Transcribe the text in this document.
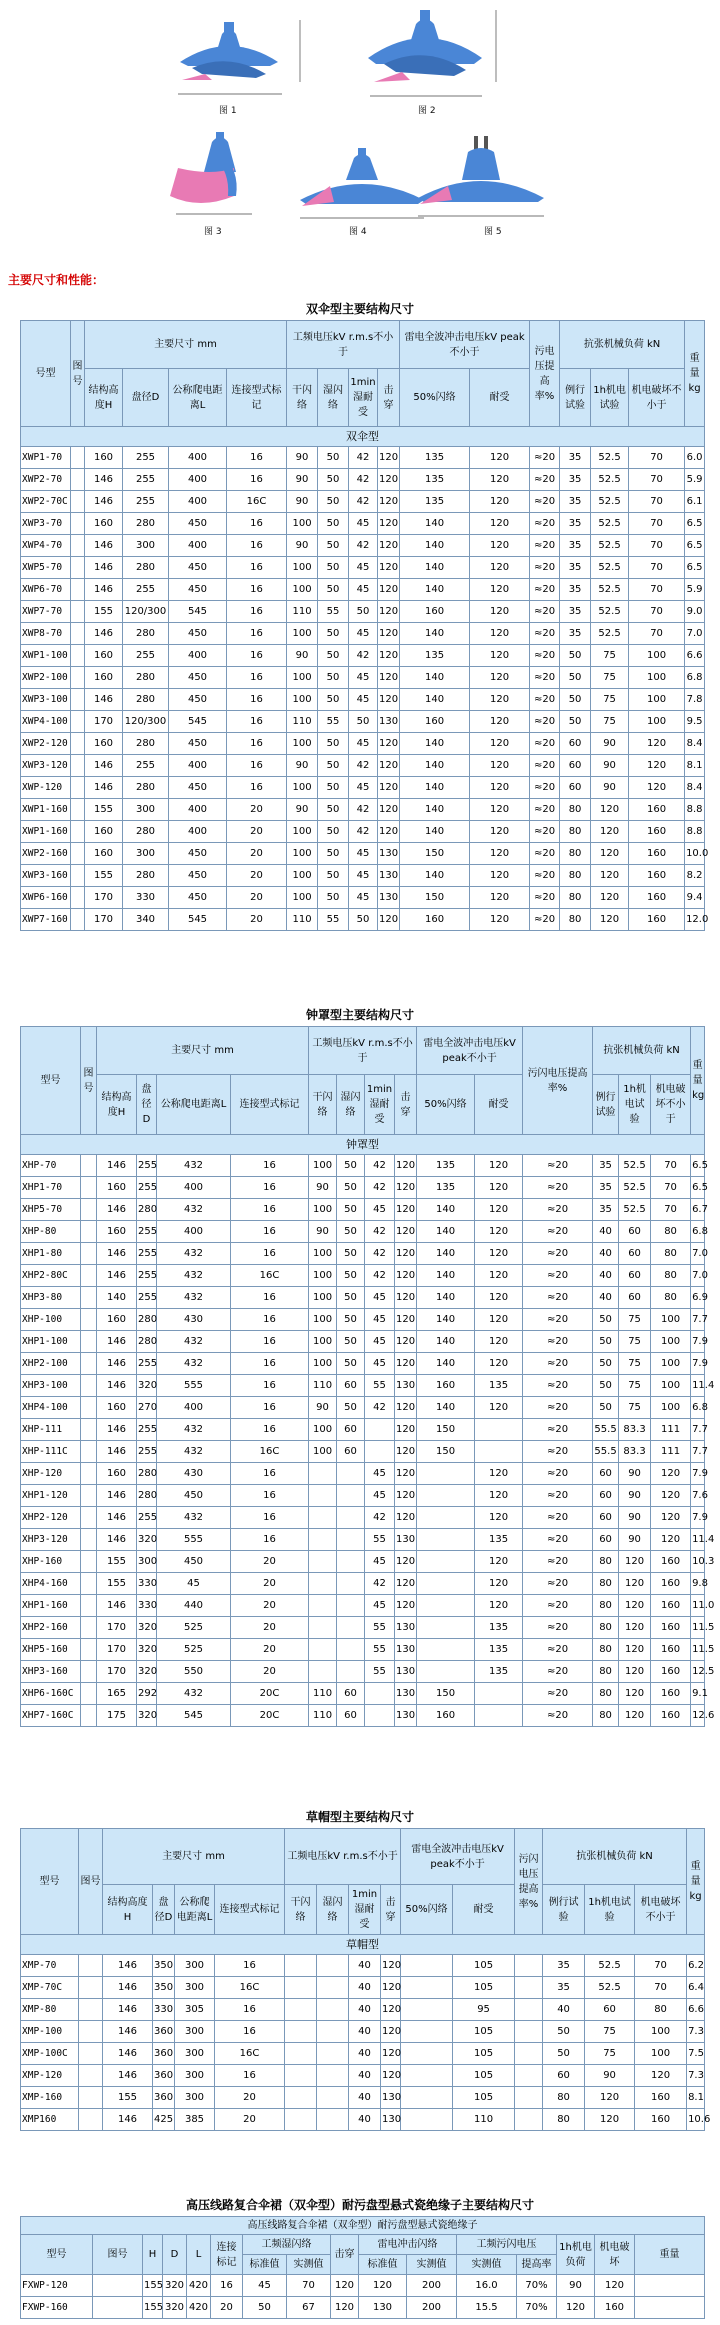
图 1	图 2
图 3	图 4	图 5
主要尺寸和性能：
双伞型主要结构尺寸
号型	图号	主要尺寸 mm				工频电压kV r.m.s不小于				雷电全波冲击电压kV peak不小于		污电压提高率%	抗张机械负荷 kN			重量kg
		结构高度H	盘径D	公称爬电距离L	连接型式标记	干闪络	湿闪络	1min湿耐受	击穿	50%闪络	耐受		例行试验	1h机电试验	机电破坏不小于	

双伞型																
XWP1-70		160	255	400	16	90	50	42	120	135	120	≈20	35	52.5	70	6.0
XWP2-70		146	255	400	16	90	50	42	120	135	120	≈20	35	52.5	70	5.9
XWP2-70C		146	255	400	16C	90	50	42	120	135	120	≈20	35	52.5	70	6.1
XWP3-70		160	280	450	16	100	50	45	120	140	120	≈20	35	52.5	70	6.5
XWP4-70		146	300	400	16	90	50	42	120	140	120	≈20	35	52.5	70	6.5
XWP5-70		146	280	450	16	100	50	45	120	140	120	≈20	35	52.5	70	6.5
XWP6-70		146	255	450	16	100	50	45	120	140	120	≈20	35	52.5	70	5.9
XWP7-70		155	120/300	545	16	110	55	50	120	160	120	≈20	35	52.5	70	9.0
XWP8-70		146	280	450	16	100	50	45	120	140	120	≈20	35	52.5	70	7.0
XWP1-100		160	255	400	16	90	50	42	120	135	120	≈20	50	75	100	6.6
XWP2-100		160	280	450	16	100	50	45	120	140	120	≈20	50	75	100	6.8
XWP3-100		146	280	450	16	100	50	45	120	140	120	≈20	50	75	100	7.8
XWP4-100		170	120/300	545	16	110	55	50	130	160	120	≈20	50	75	100	9.5
XWP2-120		160	280	450	16	100	50	45	120	140	120	≈20	60	90	120	8.4
XWP3-120		146	255	400	16	90	50	42	120	140	120	≈20	60	90	120	8.1
XWP-120		146	280	450	16	100	50	45	120	140	120	≈20	60	90	120	8.4
XWP1-160		155	300	400	20	90	50	42	120	140	120	≈20	80	120	160	8.8
XWP1-160		160	280	400	20	100	50	42	120	140	120	≈20	80	120	160	8.8
XWP2-160		160	300	450	20	100	50	45	130	150	120	≈20	80	120	160	10.0
XWP3-160		155	280	450	20	100	50	45	130	140	120	≈20	80	120	160	8.2
XWP6-160		170	330	450	20	100	50	45	130	150	120	≈20	80	120	160	9.4
XWP7-160		170	340	545	20	110	55	50	120	160	120	≈20	80	120	160	12.0
钟罩型主要结构尺寸
型号	图号	主要尺寸 mm				工频电压kV r.m.s不小于				雷电全波冲击电压kV peak不小于		污闪电压提高率%	抗张机械负荷 kN			重量kg
		结构高度H	盘径D	公称爬电距离L	连接型式标记	干闪络	湿闪络	1min湿耐受	击穿	50%闪络	耐受		例行试验	1h机电试验	机电破坏不小于	

钟罩型																
XHP-70		146	255	432	16	100	50	42	120	135	120	≈20	35	52.5	70	6.5
XHP1-70		160	255	400	16	90	50	42	120	135	120	≈20	35	52.5	70	6.5
XHP5-70		146	280	432	16	100	50	45	120	140	120	≈20	35	52.5	70	6.7
XHP-80		160	255	400	16	90	50	42	120	140	120	≈20	40	60	80	6.8
XHP1-80		146	255	432	16	100	50	42	120	140	120	≈20	40	60	80	7.0
XHP2-80C		146	255	432	16C	100	50	42	120	140	120	≈20	40	60	80	7.0
XHP3-80		140	255	432	16	100	50	45	120	140	120	≈20	40	60	80	6.9
XHP-100		160	280	430	16	100	50	45	120	140	120	≈20	50	75	100	7.7
XHP1-100		146	280	432	16	100	50	45	120	140	120	≈20	50	75	100	7.9
XHP2-100		146	255	432	16	100	50	45	120	140	120	≈20	50	75	100	7.9
XHP3-100		146	320	555	16	110	60	55	130	160	135	≈20	50	75	100	11.4
XHP4-100		160	270	400	16	90	50	42	120	140	120	≈20	50	75	100	6.8
XHP-111		146	255	432	16	100	60		120	150		≈20	55.5	83.3	111	7.7
XHP-111C		146	255	432	16C	100	60		120	150		≈20	55.5	83.3	111	7.7
XHP-120		160	280	430	16			45	120		120	≈20	60	90	120	7.9
XHP1-120		146	280	450	16			45	120		120	≈20	60	90	120	7.6
XHP2-120		146	255	432	16			42	120		120	≈20	60	90	120	7.9
XHP3-120		146	320	555	16			55	130		135	≈20	60	90	120	11.4
XHP-160		155	300	450	20			45	120		120	≈20	80	120	160	10.3
XHP4-160		155	330	45	20			42	120		120	≈20	80	120	160	9.8
XHP1-160		146	330	440	20			45	120		120	≈20	80	120	160	11.0
XHP2-160		170	320	525	20			55	130		135	≈20	80	120	160	11.5
XHP5-160		170	320	525	20			55	130		135	≈20	80	120	160	11.5
XHP3-160		170	320	550	20			55	130		135	≈20	80	120	160	12.5
XHP6-160C		165	292	432	20C	110	60		130	150		≈20	80	120	160	9.1
XHP7-160C		175	320	545	20C	110	60		130	160		≈20	80	120	160	12.6
草帽型主要结构尺寸
型号	图号	主要尺寸 mm				工频电压kV r.m.s不小于				雷电全波冲击电压kV peak不小于		污闪电压提高率%	抗张机械负荷 kN			重量kg
		结构高度H	盘径D	公称爬电距离L	连接型式标记	干闪络	湿闪络	1min湿耐受	击穿	50%闪络	耐受		例行试验	1h机电试验	机电破坏不小于	

草帽型																
XMP-70		146	350	300	16			40	120		105		35	52.5	70	6.2
XMP-70C		146	350	300	16C			40	120		105		35	52.5	70	6.4
XMP-80		146	330	305	16			40	120		95		40	60	80	6.6
XMP-100		146	360	300	16			40	120		105		50	75	100	7.3
XMP-100C		146	360	300	16C			40	120		105		50	75	100	7.5
XMP-120		146	360	300	16			40	120		105		60	90	120	7.3
XMP-160		155	360	300	20			40	130		105		80	120	160	8.1
XMP160		146	425	385	20			40	130		110		80	120	160	10.6
高压线路复合伞裙（双伞型）耐污盘型悬式瓷绝缘子主要结构尺寸
高压线路复合伞裙（双伞型）耐污盘型悬式瓷绝缘子															
型号	图号	H	D	L	连接标记	工频湿闪络		击穿	雷电冲击闪络		工频污闪电压		1h机电负荷	机电破坏	重量
						标准值	实测值		标准值	实测值	实测值	提高率			
FXWP-120		155	320	420	16	45	70	120	120	200	16.0	70%	90	120	
FXWP-160		155	320	420	20	50	67	120	130	200	15.5	70%	120	160	
